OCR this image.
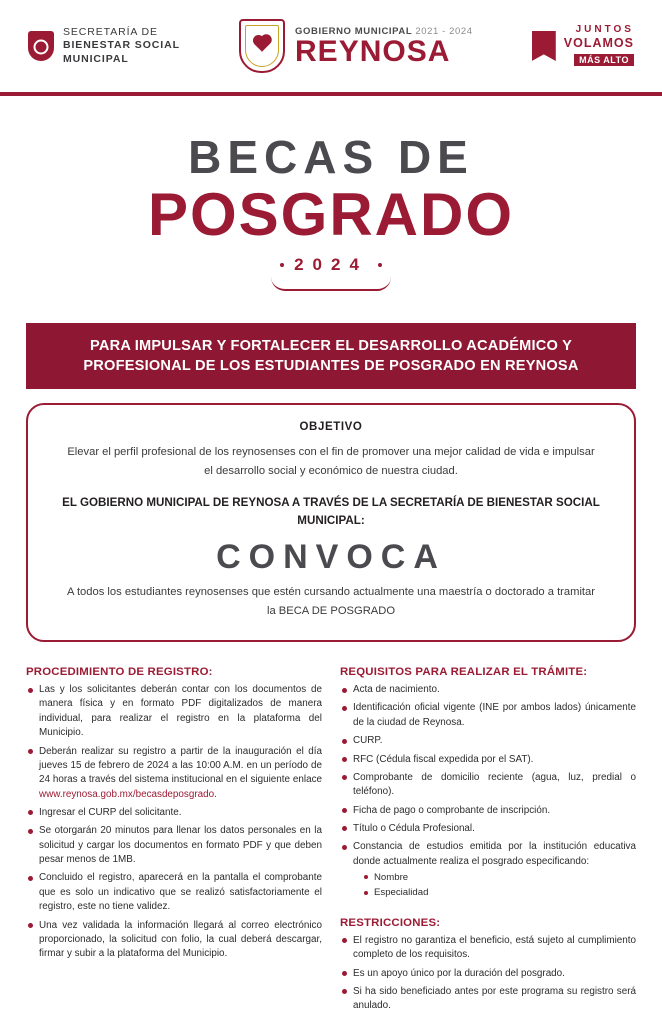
SECRETARÍA DE
BIENESTAR SOCIAL
MUNICIPAL
GOBIERNO MUNICIPAL 2021 - 2024
REYNOSA
JUNTOS
VOLAMOS
MÁS ALTO
BECAS DE
POSGRADO
2024
PARA IMPULSAR Y FORTALECER EL DESARROLLO ACADÉMICO Y PROFESIONAL DE LOS ESTUDIANTES DE POSGRADO EN REYNOSA
OBJETIVO
Elevar el perfil profesional de los reynosenses con el fin de promover una mejor calidad de vida e impulsar el desarrollo social y económico de nuestra ciudad.
EL GOBIERNO MUNICIPAL DE REYNOSA A TRAVÉS DE LA SECRETARÍA DE BIENESTAR SOCIAL MUNICIPAL:
CONVOCA
A todos los estudiantes reynosenses que estén cursando actualmente una maestría o doctorado a tramitar la BECA DE POSGRADO
PROCEDIMIENTO DE REGISTRO:
Las y los solicitantes deberán contar con los documentos de manera física y en formato PDF digitalizados de manera individual, para realizar el registro en la plataforma del Municipio.
Deberán realizar su registro a partir de la inauguración el día jueves 15 de febrero de 2024 a las 10:00 A.M. en un período de 24 horas a través del sistema institucional en el siguiente enlace www.reynosa.gob.mx/becasdeposgrado.
Ingresar el CURP del solicitante.
Se otorgarán 20 minutos para llenar los datos personales en la solicitud y cargar los documentos en formato PDF y que deben pesar menos de 1MB.
Concluido el registro, aparecerá en la pantalla el comprobante que es solo un indicativo que se realizó satisfactoriamente el registro, este no tiene validez.
Una vez validada la información llegará al correo electrónico proporcionado, la solicitud con folio, la cual deberá descargar, firmar y subir a la plataforma del Municipio.
REQUISITOS PARA REALIZAR EL TRÁMITE:
Acta de nacimiento.
Identificación oficial vigente (INE por ambos lados) únicamente de la ciudad de Reynosa.
CURP.
RFC (Cédula fiscal expedida por el SAT).
Comprobante de domicilio reciente (agua, luz, predial o teléfono).
Ficha de pago o comprobante de inscripción.
Título o Cédula Profesional.
Constancia de estudios emitida por la institución educativa donde actualmente realiza el posgrado especificando:
Nombre
Especialidad
RESTRICCIONES:
El registro no garantiza el beneficio, está sujeto al cumplimiento completo de los requisitos.
Es un apoyo único por la duración del posgrado.
Si ha sido beneficiado antes por este programa su registro será anulado.
